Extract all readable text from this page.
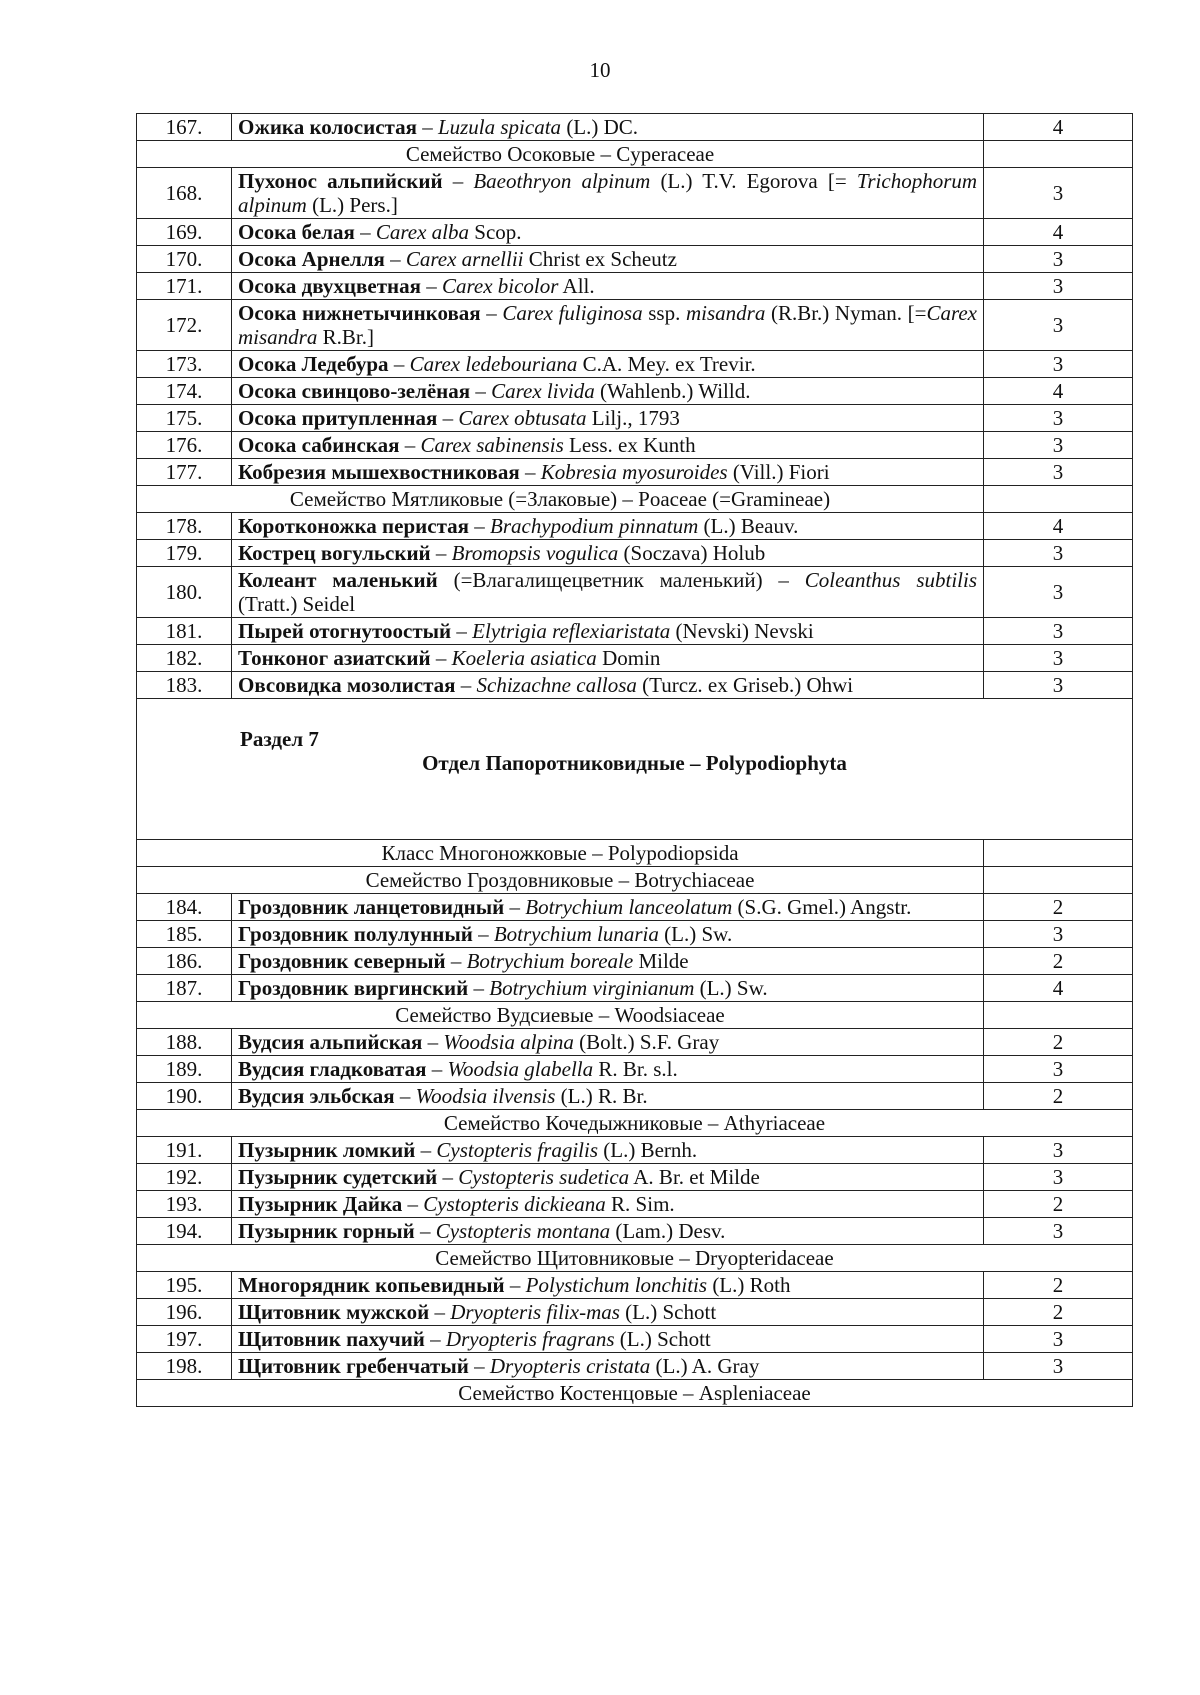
10
167.	Ожика колосистая – Luzula spicata (L.) DC.	4
Семейство Осоковые – Cyperaceae		
168.	Пухонос альпийский – Baeothryon alpinum (L.) T.V. Egorova [= Trichophorum alpinum (L.) Pers.]	3
169.	Осока белая – Carex alba Scop.	4
170.	Осока Арнелля – Carex arnellii Christ ex Scheutz	3
171.	Осока двухцветная – Carex bicolor All.	3
172.	Осока нижнетычинковая – Carex fuliginosa ssp. misandra (R.Br.) Nyman. [=Carex misandra R.Br.]	3
173.	Осока Ледебура – Carex ledebouriana C.A. Mey. ex Trevir.	3
174.	Осока свинцово-зелёная – Carex livida (Wahlenb.) Willd.	4
175.	Осока притупленная – Carex obtusata Lilj., 1793	3
176.	Осока сабинская – Carex sabinensis Less. ex Kunth	3
177.	Кобрезия мышехвостниковая – Kobresia myosuroides (Vill.) Fiori	3
Семейство Мятликовые (=Злаковые) – Poaceae (=Gramineae)		
178.	Коротконожка перистая – Brachypodium pinnatum (L.) Beauv.	4
179.	Кострец вогульский – Bromopsis vogulica (Soczava) Holub	3
180.	Колеант маленький (=Влагалищецветник маленький) – Coleanthus subtilis (Tratt.) Seidel	3
181.	Пырей отогнутоостый – Elytrigia reflexiaristata (Nevski) Nevski	3
182.	Тонконог азиатский – Koeleria asiatica Domin	3
183.	Овсовидка мозолистая – Schizachne callosa (Turcz. ex Griseb.) Ohwi	3

Раздел 7
Отдел Папоротниковидные – Polypodiophyta		

Класс Многоножковые – Polypodiopsida		
Семейство Гроздовниковые – Botrychiaceae		
184.	Гроздовник ланцетовидный – Botrychium lanceolatum (S.G. Gmel.) Angstr.	2
185.	Гроздовник полулунный – Botrychium lunaria (L.) Sw.	3
186.	Гроздовник северный – Botrychium boreale Milde	2
187.	Гроздовник виргинский – Botrychium virginianum (L.) Sw.	4
Семейство Вудсиевые – Woodsiaceae		
188.	Вудсия альпийская – Woodsia alpina (Bolt.) S.F. Gray	2
189.	Вудсия гладковатая – Woodsia glabella R. Br. s.l.	3
190.	Вудсия эльбская – Woodsia ilvensis (L.) R. Br.	2
Семейство Кочедыжниковые – Athyriaceae		
191.	Пузырник ломкий – Cystopteris fragilis (L.) Bernh.	3
192.	Пузырник судетский – Cystopteris sudetica A. Br. et Milde	3
193.	Пузырник Дайка – Cystopteris dickieana R. Sim.	2
194.	Пузырник горный – Cystopteris montana (Lam.) Desv.	3
Семейство Щитовниковые – Dryopteridaceae		
195.	Многорядник копьевидный – Polystichum lonchitis (L.) Roth	2
196.	Щитовник мужской – Dryopteris filix-mas (L.) Schott	2
197.	Щитовник пахучий – Dryopteris fragrans (L.) Schott	3
198.	Щитовник гребенчатый – Dryopteris cristata (L.) A. Gray	3
Семейство Костенцовые – Aspleniaceae		
